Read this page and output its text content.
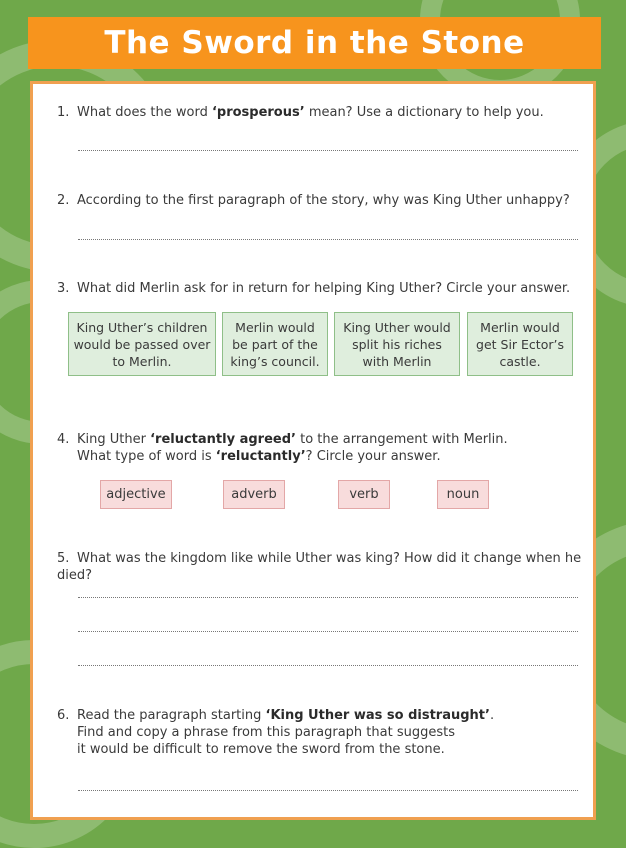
The Sword in the Stone
1. What does the word ‘prosperous’ mean? Use a dictionary to help you.
2. According to the first paragraph of the story, why was King Uther unhappy?
3. What did Merlin ask for in return for helping King Uther? Circle your answer.
King Uther’s children would be passed over to Merlin.
Merlin would be part of the king’s council.
King Uther would split his riches with Merlin
Merlin would get Sir Ector’s castle.
4. King Uther ‘reluctantly agreed’ to the arrangement with Merlin.
What type of word is ‘reluctantly’? Circle your answer.
adjective	adverb	verb	noun
5. What was the kingdom like while Uther was king? How did it change when he died?
6. Read the paragraph starting ‘King Uther was so distraught’.
Find and copy a phrase from this paragraph that suggests
it would be difficult to remove the sword from the stone.
